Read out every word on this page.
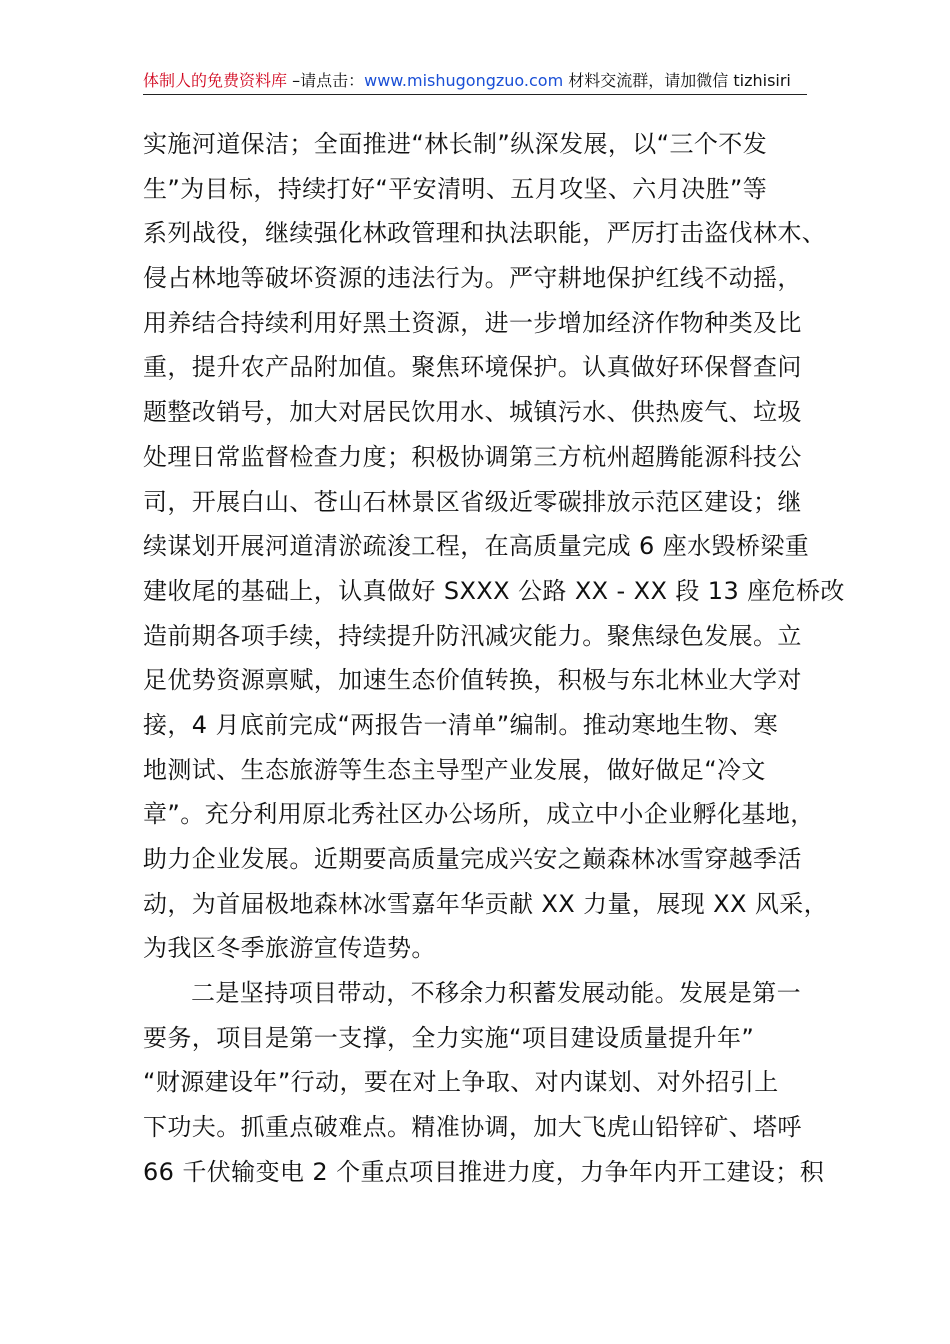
体制人的免费资料库 –请点击：www.mishugongzuo.com 材料交流群，请加微信 tizhisiri
实施河道保洁；全面推进“林长制”纵深发展，以“三个不发
生”为目标，持续打好“平安清明、五月攻坚、六月决胜”等
系列战役，继续强化林政管理和执法职能，严厉打击盗伐林木、
侵占林地等破坏资源的违法行为。严守耕地保护红线不动摇，
用养结合持续利用好黑土资源，进一步增加经济作物种类及比
重，提升农产品附加值。聚焦环境保护。认真做好环保督查问
题整改销号，加大对居民饮用水、城镇污水、供热废气、垃圾
处理日常监督检查力度；积极协调第三方杭州超腾能源科技公
司，开展白山、苍山石林景区省级近零碳排放示范区建设；继
续谋划开展河道清淤疏浚工程，在高质量完成 6 座水毁桥梁重
建收尾的基础上，认真做好 SXXX 公路 XX - XX 段 13 座危桥改
造前期各项手续，持续提升防汛减灾能力。聚焦绿色发展。立
足优势资源禀赋，加速生态价值转换，积极与东北林业大学对
接，4 月底前完成“两报告一清单”编制。推动寒地生物、寒
地测试、生态旅游等生态主导型产业发展，做好做足“冷文
章”。充分利用原北秀社区办公场所，成立中小企业孵化基地，
助力企业发展。近期要高质量完成兴安之巅森林冰雪穿越季活
动，为首届极地森林冰雪嘉年华贡献 XX 力量，展现 XX 风采，
为我区冬季旅游宣传造势。
二是坚持项目带动，不移余力积蓄发展动能。发展是第一
要务，项目是第一支撑，全力实施“项目建设质量提升年”
“财源建设年”行动，要在对上争取、对内谋划、对外招引上
下功夫。抓重点破难点。精准协调，加大飞虎山铅锌矿、塔呼
66 千伏输变电 2 个重点项目推进力度，力争年内开工建设；积
